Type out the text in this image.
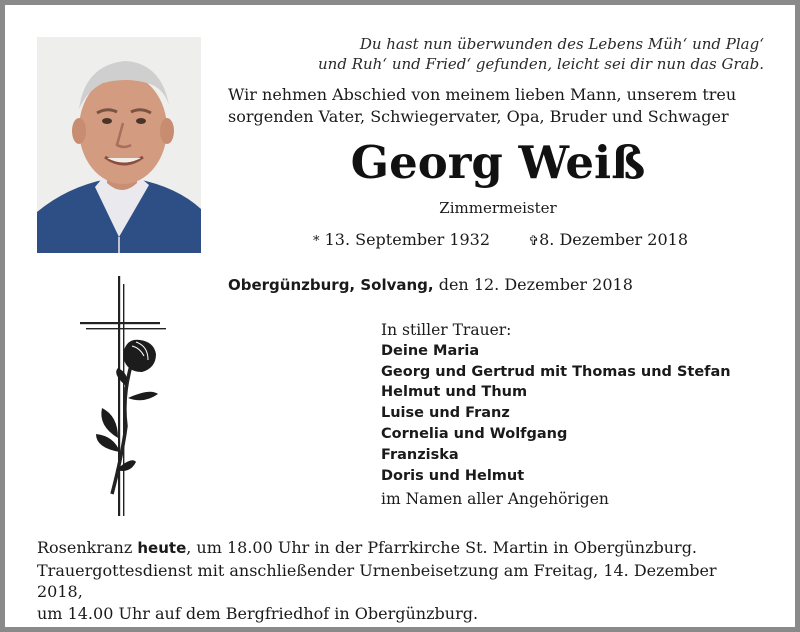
Du hast nun überwunden des Lebens Müh‘ und Plag‘
und Ruh‘ und Fried‘ gefunden, leicht sei dir nun das Grab.
Wir nehmen Abschied von meinem lieben Mann, unserem treu
sorgenden Vater, Schwiegervater, Opa, Bruder und Schwager
Georg Weiß
Zimmermeister
* 13. September 1932	✞8. Dezember 2018
Obergünzburg, Solvang, den 12. Dezember 2018
In stiller Trauer:
Deine Maria
Georg und Gertrud mit Thomas und Stefan
Helmut und Thum
Luise und Franz
Cornelia und Wolfgang
Franziska
Doris und Helmut
im Namen aller Angehörigen
Rosenkranz heute, um 18.00 Uhr in der Pfarrkirche St. Martin in Obergünzburg.
Trauergottesdienst mit anschließender Urnenbeisetzung am Freitag, 14. Dezember 2018,
um 14.00 Uhr auf dem Bergfriedhof in Obergünzburg.
